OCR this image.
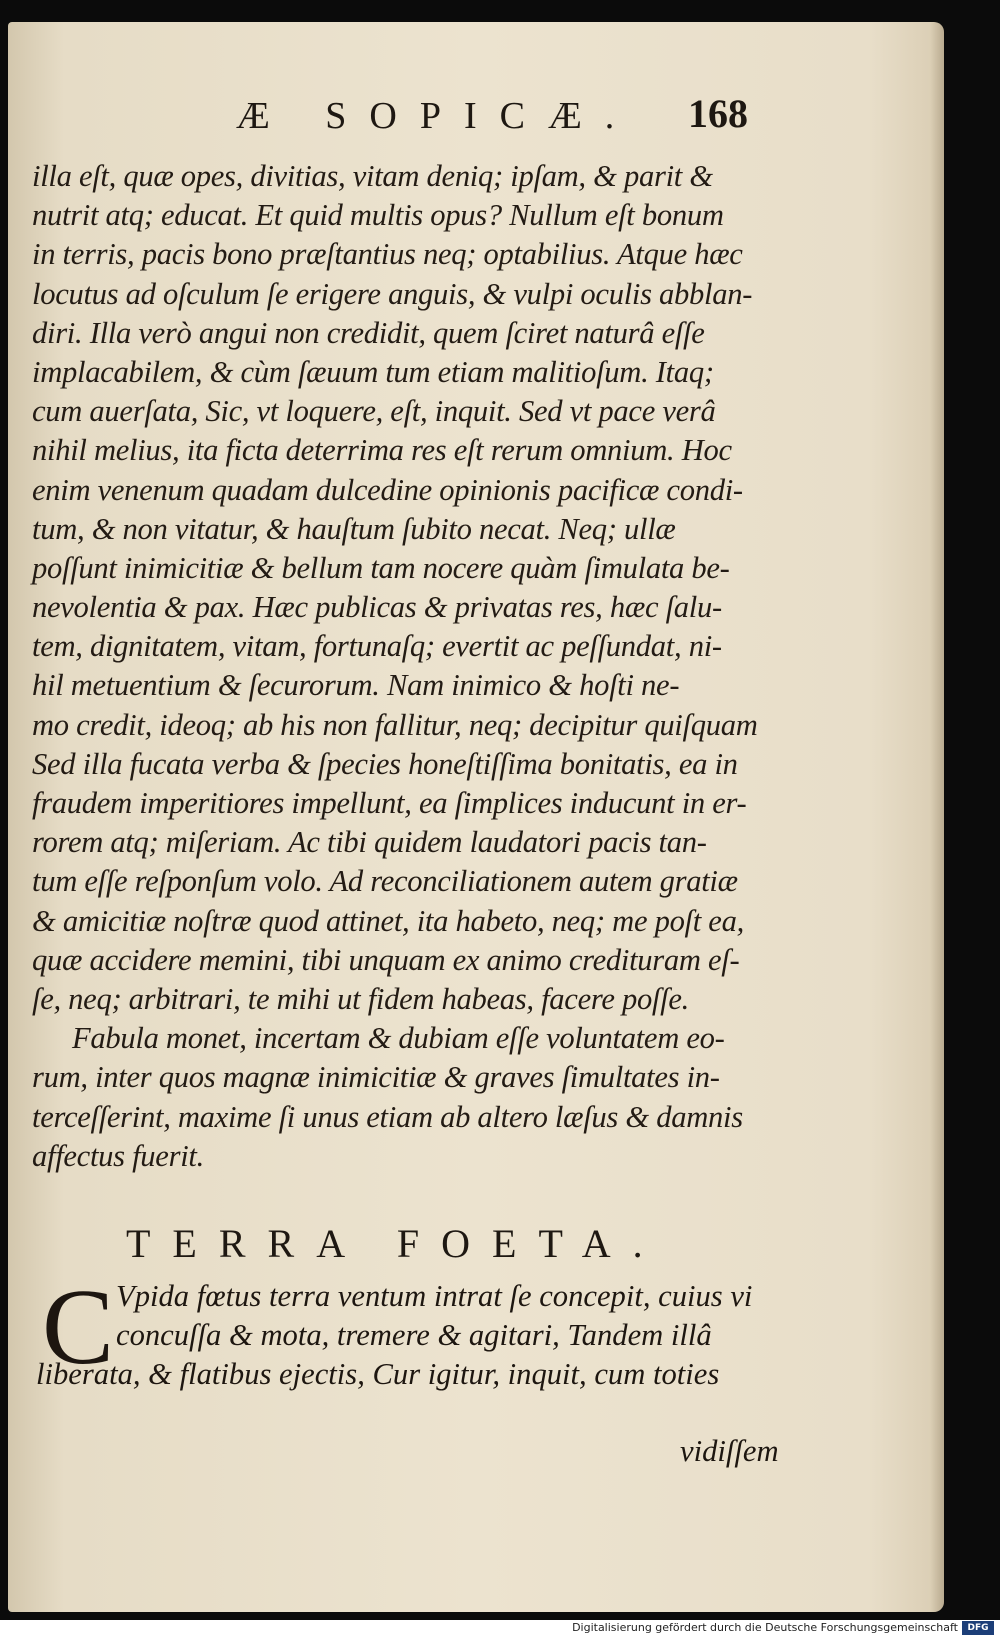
Æ SOPICÆ. 168
illa eſt, quæ opes, divitias, vitam deniq; ipſam, & parit &
nutrit atq; educat. Et quid multis opus? Nullum eſt bonum
in terris, pacis bono præſtantius neq; optabilius. Atque hæc
locutus ad oſculum ſe erigere anguis, & vulpi oculis abblan-
diri. Illa verò angui non credidit, quem ſciret naturâ eſſe
implacabilem, & cùm ſæuum tum etiam malitioſum. Itaq;
cum auerſata, Sic, vt loquere, eſt, inquit. Sed vt pace verâ
nihil melius, ita ficta deterrima res eſt rerum omnium. Hoc
enim venenum quadam dulcedine opinionis pacificæ condi-
tum, & non vitatur, & hauſtum ſubito necat. Neq; ullæ
poſſunt inimicitiæ & bellum tam nocere quàm ſimulata be-
nevolentia & pax. Hæc publicas & privatas res, hæc ſalu-
tem, dignitatem, vitam, fortunaſq; evertit ac peſſundat, ni-
hil metuentium & ſecurorum. Nam inimico & hoſti ne-
mo credit, ideoq; ab his non fallitur, neq; decipitur quiſquam
Sed illa fucata verba & ſpecies honeſtiſſima bonitatis, ea in
fraudem imperitiores impellunt, ea ſimplices inducunt in er-
rorem atq; miſeriam. Ac tibi quidem laudatori pacis tan-
tum eſſe reſponſum volo. Ad reconciliationem autem gratiæ
& amicitiæ noſtræ quod attinet, ita habeto, neq; me poſt ea,
quæ accidere memini, tibi unquam ex animo credituram eſ-
ſe, neq; arbitrari, te mihi ut fidem habeas, facere poſſe.
Fabula monet, incertam & dubiam eſſe voluntatem eo-
rum, inter quos magnæ inimicitiæ & graves ſimultates in-
terceſſerint, maxime ſi unus etiam ab altero læſus & damnis
affectus fuerit.
TERRA FOETA.
C Vpida fœtus terra ventum intrat ſe concepit, cuius vi
concuſſa & mota, tremere & agitari, Tandem illâ
liberata, & flatibus ejectis, Cur igitur, inquit, cum toties
vidiſſem
Digitalisierung gefördert durch die Deutsche Forschungsgemeinschaft	DFG
